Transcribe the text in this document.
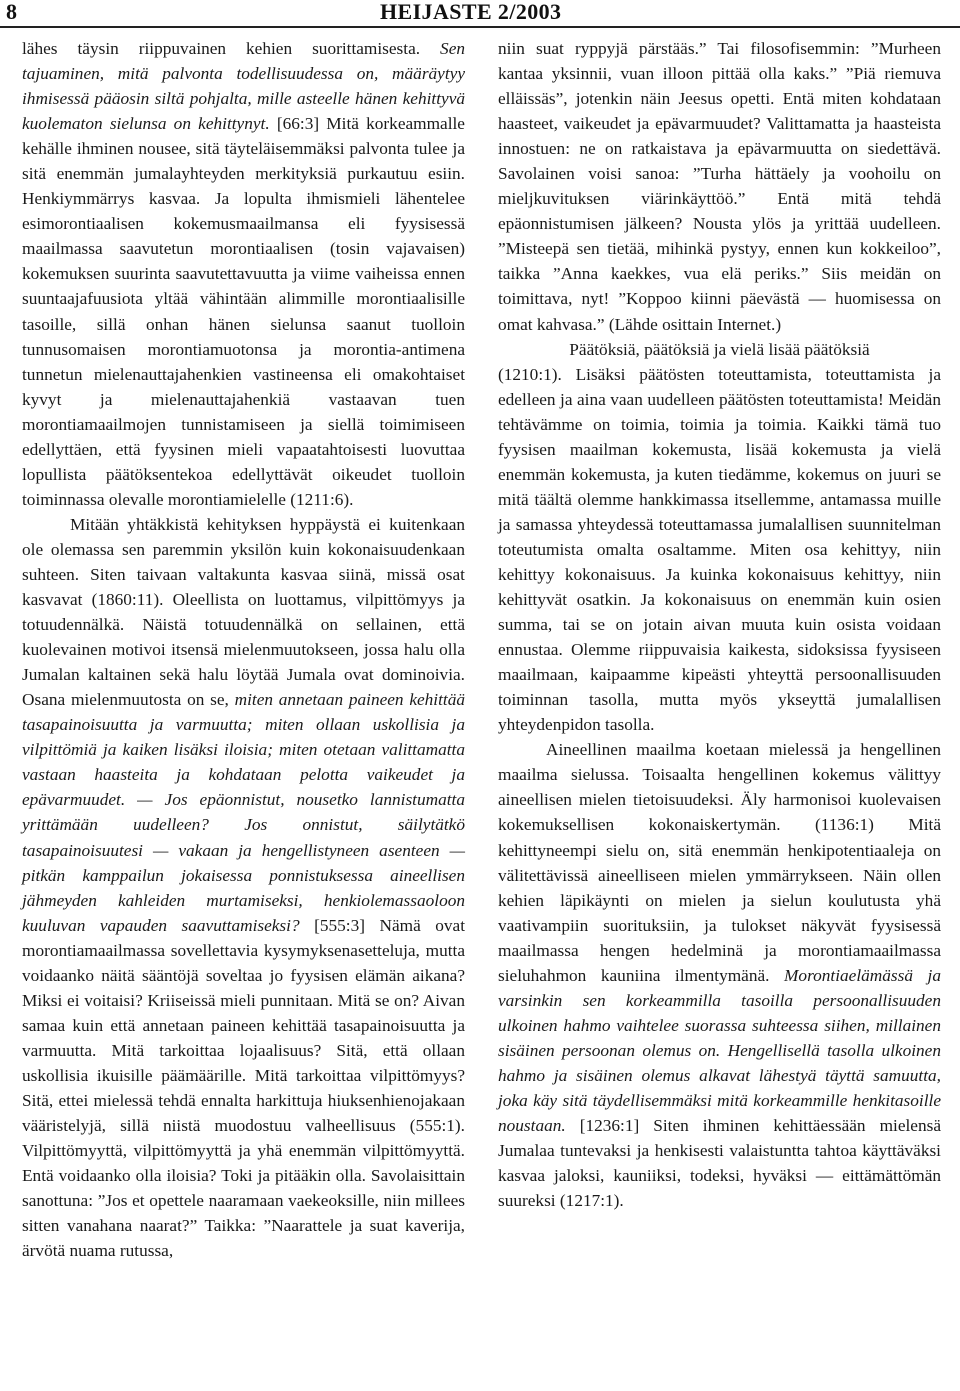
8	HEIJASTE 2/2003

lähes täysin riippuvainen kehien suorittamisesta. Sen tajuaminen, mitä palvonta todellisuudessa on, määräytyy ihmisessä pääosin siltä pohjalta, mille asteelle hänen kehittyvä kuolematon sielunsa on kehittynyt. [66:3] Mitä korkeammalle kehälle ihminen nousee, sitä täyteläisemmäksi palvonta tulee ja sitä enemmän jumalayhteyden merkityksiä purkautuu esiin. Henkiymmärrys kasvaa. Ja lopulta ihmismieli lähentelee esimorontiaalisen kokemusmaailmansa eli fyysisessä maailmassa saavutetun morontiaalisen (tosin vajavaisen) kokemuksen suurinta saavutettavuutta ja viime vaiheissa ennen suuntaajafuusiota yltää vähintään alimmille morontiaalisille tasoille, sillä onhan hänen sielunsa saanut tuolloin tunnusomaisen morontiamuotonsa ja morontia-antimena tunnetun mielenauttajahenkien vastineensa eli omakohtaiset kyvyt ja mielenauttajahenkiä vastaavan tuen morontiamaailmojen tunnistamiseen ja siellä toimimiseen edellyttäen, että fyysinen mieli vapaatahtoisesti luovuttaa lopullista päätöksentekoa edellyttävät oikeudet tuolloin toiminnassa olevalle morontiamielelle (1211:6).

Mitään yhtäkkistä kehityksen hyppäystä ei kuitenkaan ole olemassa sen paremmin yksilön kuin kokonaisuudenkaan suhteen. Siten taivaan valtakunta kasvaa siinä, missä osat kasvavat (1860:11). Oleellista on luottamus, vilpittömyys ja totuudennälkä. Näistä totuudennälkä on sellainen, että kuolevainen motivoi itsensä mielenmuutokseen, jossa halu olla Jumalan kaltainen sekä halu löytää Jumala ovat dominoivia. Osana mielenmuutosta on se, miten annetaan paineen kehittää tasapainoisuutta ja varmuutta; miten ollaan uskollisia ja vilpittömiä ja kaiken lisäksi iloisia; miten otetaan valittamatta vastaan haasteita ja kohdataan pelotta vaikeudet ja epävarmuudet. — Jos epäonnistut, nousetko lannistumatta yrittämään uudelleen? Jos onnistut, säilytätkö tasapainoisuutesi — vakaan ja hengellistyneen asenteen — pitkän kamppailun jokaisessa ponnistuksessa aineellisen jähmeyden kahleiden murtamiseksi, henkiolemassaoloon kuuluvan vapauden saavuttamiseksi? [555:3] Nämä ovat morontiamaailmassa sovellettavia kysymyksenasetteluja, mutta voidaanko näitä sääntöjä soveltaa jo fyysisen elämän aikana? Miksi ei voitaisi? Kriiseissä mieli punnitaan. Mitä se on? Aivan samaa kuin että annetaan paineen kehittää tasapainoisuutta ja varmuutta. Mitä tarkoittaa lojaalisuus? Sitä, että ollaan uskollisia ikuisille päämäärille. Mitä tarkoittaa vilpittömyys? Sitä, ettei mielessä tehdä ennalta harkittuja hiuksenhienojakaan vääristelyjä, sillä niistä muodostuu valheellisuus (555:1). Vilpittömyyttä, vilpittömyyttä ja yhä enemmän vilpittömyyttä. Entä voidaanko olla iloisia? Toki ja pitääkin olla. Savolaisittain sanottuna: ”Jos et opettele naaramaan vaekeoksille, niin millees sitten vanahana naarat?” Taikka: ”Naarattele ja suat kaverija, ärvötä nuama rutussa,

niin suat ryppyjä pärstääs.” Tai filosofisemmin: ”Murheen kantaa yksinnii, vuan illoon pittää olla kaks.” ”Piä riemuva elläissäs”, jotenkin näin Jeesus opetti. Entä miten kohdataan haasteet, vaikeudet ja epävarmuudet? Valittamatta ja haasteista innostuen: ne on ratkaistava ja epävarmuutta on siedettävä. Savolainen voisi sanoa: ”Turha hättäely ja voohoilu on mieljkuvituksen viärinkäyttöö.” Entä mitä tehdä epäonnistumisen jälkeen? Nousta ylös ja yrittää uudelleen. ”Misteepä sen tietää, mihinkä pystyy, ennen kun kokkeiloo”, taikka ”Anna kaekkes, vua elä periks.” Siis meidän on toimittava, nyt! ”Koppoo kiinni päevästä — huomisessa on omat kahvasa.” (Lähde osittain Internet.)

Päätöksiä, päätöksiä ja vielä lisää päätöksiä

(1210:1). Lisäksi päätösten toteuttamista, toteuttamista ja edelleen ja aina vaan uudelleen päätösten toteuttamista! Meidän tehtävämme on toimia, toimia ja toimia. Kaikki tämä tuo fyysisen maailman kokemusta, lisää kokemusta ja vielä enemmän kokemusta, ja kuten tiedämme, kokemus on juuri se mitä täältä olemme hankkimassa itsellemme, antamassa muille ja samassa yhteydessä toteuttamassa jumalallisen suunnitelman toteutumista omalta osaltamme. Miten osa kehittyy, niin kehittyy kokonaisuus. Ja kuinka kokonaisuus kehittyy, niin kehittyvät osatkin. Ja kokonaisuus on enemmän kuin osien summa, tai se on jotain aivan muuta kuin osista voidaan ennustaa. Olemme riippuvaisia kaikesta, sidoksissa fyysiseen maailmaan, kaipaamme kipeästi yhteyttä persoonallisuuden toiminnan tasolla, mutta myös ykseyttä jumalallisen yhteydenpidon tasolla.

Aineellinen maailma koetaan mielessä ja hengellinen maailma sielussa. Toisaalta hengellinen kokemus välittyy aineellisen mielen tietoisuudeksi. Äly harmonisoi kuolevaisen kokemuksellisen kokonaiskertymän. (1136:1) Mitä kehittyneempi sielu on, sitä enemmän henkipotentiaaleja on välitettävissä aineelliseen mielen ymmärrykseen. Näin ollen kehien läpikäynti on mielen ja sielun koulutusta yhä vaativampiin suorituksiin, ja tulokset näkyvät fyysisessä maailmassa hengen hedelminä ja morontiamaailmassa sieluhahmon kauniina ilmentymänä. Morontiaelämässä ja varsinkin sen korkeammilla tasoilla persoonallisuuden ulkoinen hahmo vaihtelee suorassa suhteessa siihen, millainen sisäinen persoonan olemus on. Hengellisellä tasolla ulkoinen hahmo ja sisäinen olemus alkavat lähestyä täyttä samuutta, joka käy sitä täydellisemmäksi mitä korkeammille henkitasoille noustaan. [1236:1] Siten ihminen kehittäessään mielensä Jumalaa tuntevaksi ja henkisesti valaistuntta tahtoa käyttäväksi kasvaa jaloksi, kauniiksi, todeksi, hyväksi — eittämättömän suureksi (1217:1).
